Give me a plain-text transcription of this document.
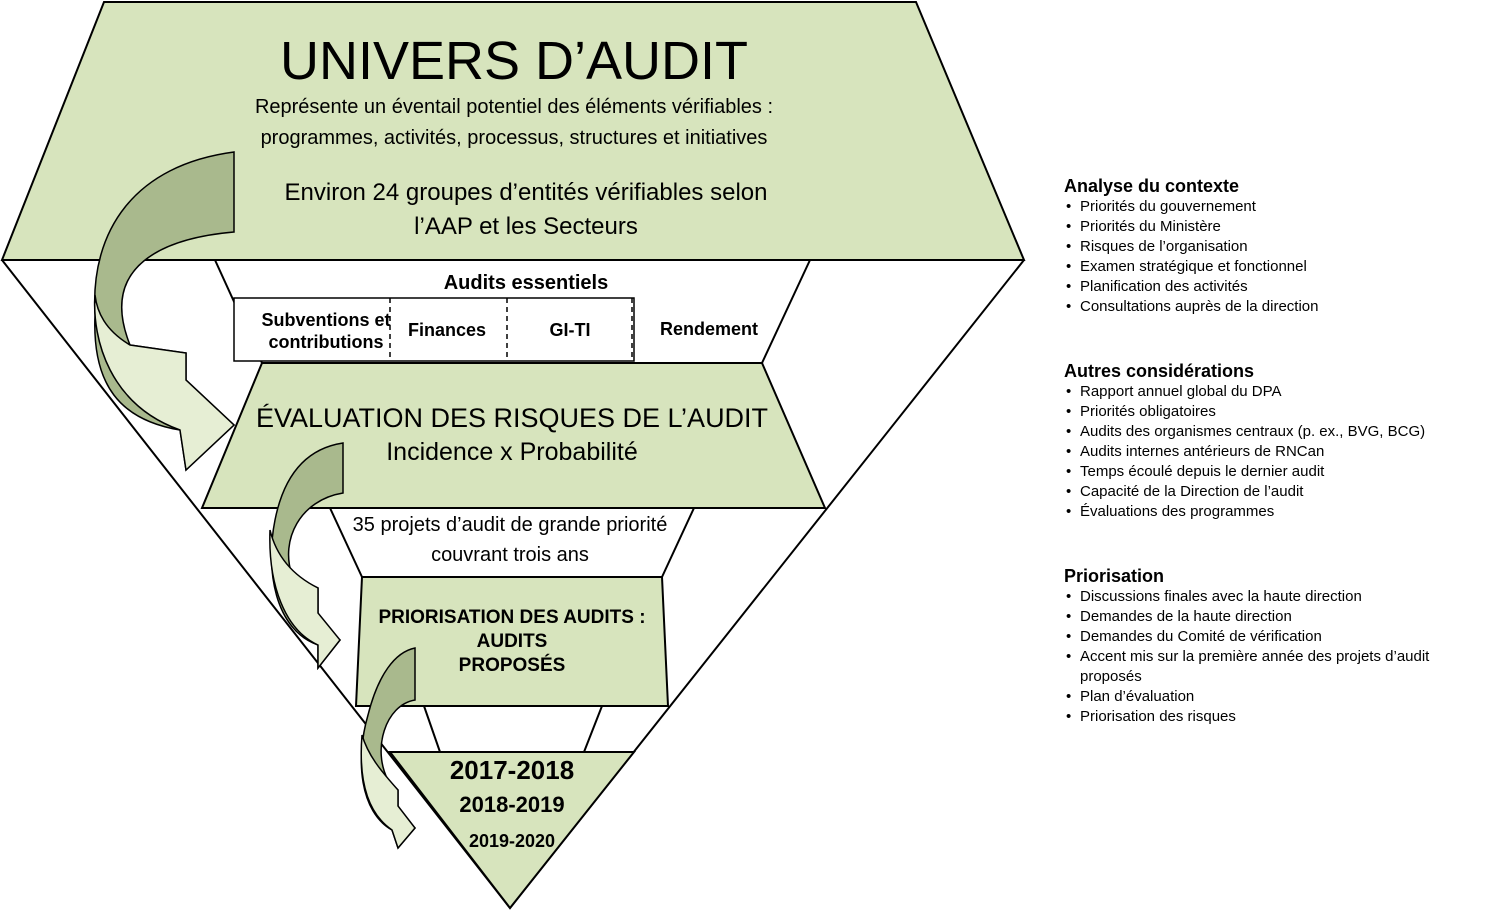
UNIVERS D’AUDIT
Représente un éventail potentiel des éléments vérifiables :
programmes, activités, processus, structures et initiatives
Environ 24 groupes d’entités vérifiables selon
l’AAP et les Secteurs
Audits essentiels
Subventions et
contributions
Finances	GI-TI	Rendement
ÉVALUATION DES RISQUES DE L’AUDIT
Incidence x Probabilité
35 projets d’audit de grande priorité
couvrant trois ans
PRIORISATION DES AUDITS :
AUDITS
PROPOSÉS
2017-2018
2018-2019
2019-2020

Analyse du contexte

• Priorités du gouvernement
• Priorités du Ministère
• Risques de l’organisation
• Examen stratégique et fonctionnel
• Planification des activités
• Consultations auprès de la direction

Autres considérations

• Rapport annuel global du DPA
• Priorités obligatoires
• Audits des organismes centraux (p. ex., BVG, BCG)
• Audits internes antérieurs de RNCan
• Temps écoulé depuis le dernier audit
• Capacité de la Direction de l’audit
• Évaluations des programmes

Priorisation

• Discussions finales avec la haute direction
• Demandes de la haute direction
• Demandes du Comité de vérification
• Accent mis sur la première année des projets d’audit proposés
• Plan d’évaluation
• Priorisation des risques
